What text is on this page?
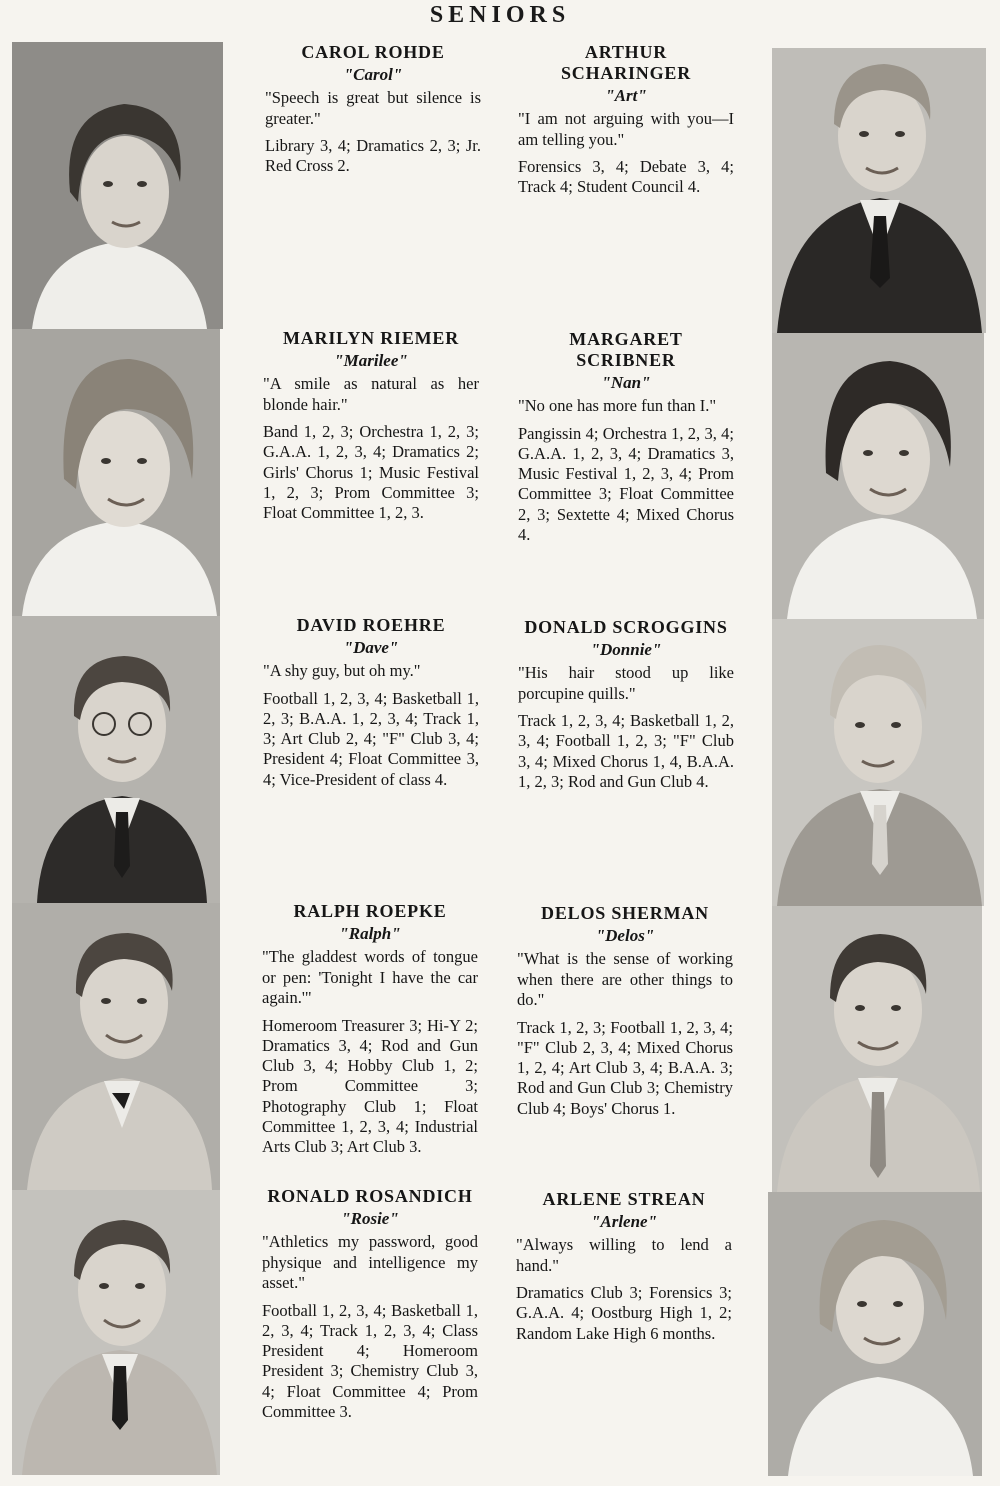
SENIORS
CAROL ROHDE
"Carol"
"Speech is great but silence is greater."
Library 3, 4; Dramatics 2, 3; Jr. Red Cross 2.
ARTHUR SCHARINGER
"Art"
"I am not arguing with you—I am telling you."
Forensics 3, 4; Debate 3, 4; Track 4; Student Council 4.
MARILYN RIEMER
"Marilee"
"A smile as natural as her blonde hair."
Band 1, 2, 3; Orchestra 1, 2, 3; G.A.A. 1, 2, 3, 4; Dramatics 2; Girls' Chorus 1; Music Festival 1, 2, 3; Prom Committee 3; Float Committee 1, 2, 3.
MARGARET SCRIBNER
"Nan"
"No one has more fun than I."
Pangissin 4; Orchestra 1, 2, 3, 4; G.A.A. 1, 2, 3, 4; Dramatics 3, Music Festival 1, 2, 3, 4; Prom Committee 3; Float Committee 2, 3; Sextette 4; Mixed Chorus 4.
DAVID ROEHRE
"Dave"
"A shy guy, but oh my."
Football 1, 2, 3, 4; Basketball 1, 2, 3; B.A.A. 1, 2, 3, 4; Track 1, 3; Art Club 2, 4; "F" Club 3, 4; President 4; Float Committee 3, 4; Vice-President of class 4.
DONALD SCROGGINS
"Donnie"
"His hair stood up like porcupine quills."
Track 1, 2, 3, 4; Basketball 1, 2, 3, 4; Football 1, 2, 3; "F" Club 3, 4; Mixed Chorus 1, 4, B.A.A. 1, 2, 3; Rod and Gun Club 4.
RALPH ROEPKE
"Ralph"
"The gladdest words of tongue or pen: 'Tonight I have the car again.'"
Homeroom Treasurer 3; Hi-Y 2; Dramatics 3, 4; Rod and Gun Club 3, 4; Hobby Club 1, 2; Prom Committee 3; Photography Club 1; Float Committee 1, 2, 3, 4; Industrial Arts Club 3; Art Club 3.
DELOS SHERMAN
"Delos"
"What is the sense of working when there are other things to do."
Track 1, 2, 3; Football 1, 2, 3, 4; "F" Club 2, 3, 4; Mixed Chorus 1, 2, 4; Art Club 3, 4; B.A.A. 3; Rod and Gun Club 3; Chemistry Club 4; Boys' Chorus 1.
RONALD ROSANDICH
"Rosie"
"Athletics my password, good physique and intelligence my asset."
Football 1, 2, 3, 4; Basketball 1, 2, 3, 4; Track 1, 2, 3, 4; Class President 4; Homeroom President 3; Chemistry Club 3, 4; Float Committee 4; Prom Committee 3.
ARLENE STREAN
"Arlene"
"Always willing to lend a hand."
Dramatics Club 3; Forensics 3; G.A.A. 4; Oostburg High 1, 2; Random Lake High 6 months.
